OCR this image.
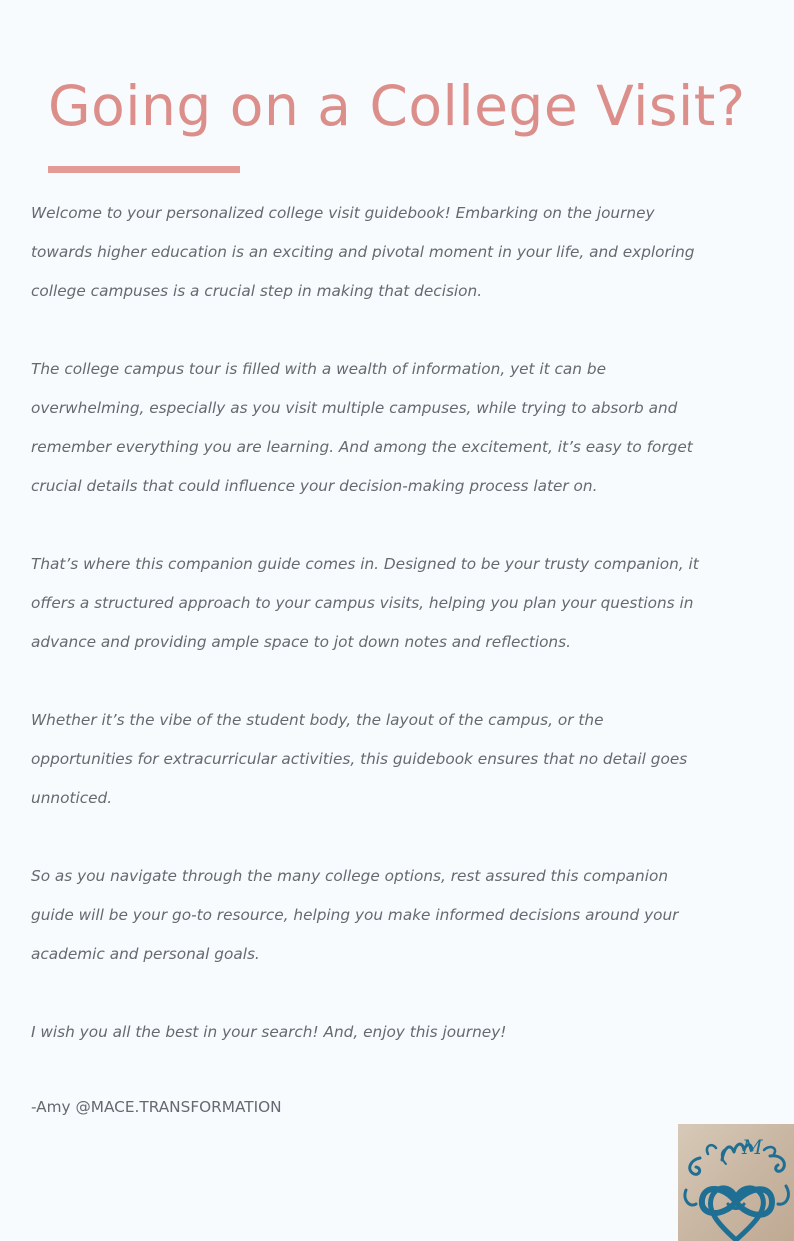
Going on a College Visit?

Welcome to your personalized college visit guidebook! Embarking on the journey
towards higher education is an exciting and pivotal moment in your life, and exploring
college campuses is a crucial step in making that decision.

The college campus tour is filled with a wealth of information, yet it can be
overwhelming, especially as you visit multiple campuses, while trying to absorb and
remember everything you are learning. And among the excitement, it’s easy to forget
crucial details that could influence your decision-making process later on.

That’s where this companion guide comes in. Designed to be your trusty companion, it
offers a structured approach to your campus visits, helping you plan your questions in
advance and providing ample space to jot down notes and reflections.

Whether it’s the vibe of the student body, the layout of the campus, or the
opportunities for extracurricular activities, this guidebook ensures that no detail goes
unnoticed.

So as you navigate through the many college options, rest assured this companion
guide will be your go-to resource, helping you make informed decisions around your
academic and personal goals.

I wish you all the best in your search! And, enjoy this journey!

-Amy @MACE.TRANSFORMATION

M
